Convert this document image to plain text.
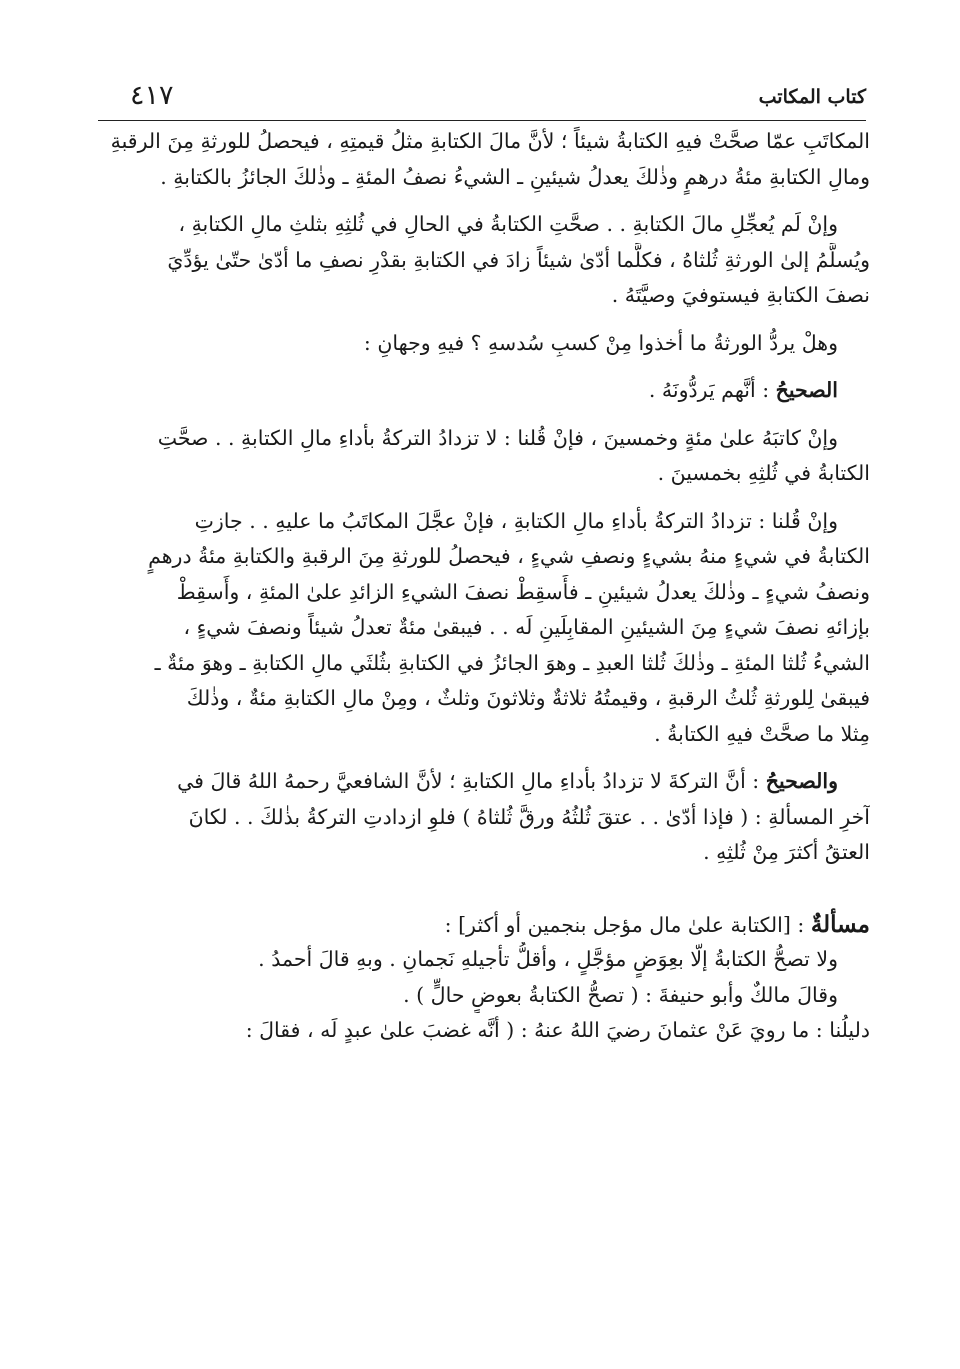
كتاب المكاتب
٤١٧
المكاتَبِ عمّا صحَّتْ فيهِ الكتابةُ شيئاً ؛ لأنَّ مالَ الكتابةِ مثلُ قيمتِهِ ، فيحصلُ للورثةِ مِنَ الرقبةِ
ومالِ الكتابةِ مئةُ درهمٍ وذٰلكَ يعدلُ شيئينِ ـ الشيءُ نصفُ المئةِ ـ وذٰلكَ الجائزُ بالكتابةِ .
وإنْ لَم يُعجِّلِ مالَ الكتابةِ . . صحَّتِ الكتابةُ في الحالِ في ثُلثِهِ بثلثِ مالِ الكتابةِ ،
ويُسلَّمُ إلىٰ الورثةِ ثُلثاهُ ، فكلَّما أدّىٰ شيئاً زادَ في الكتابةِ بقدْرِ نصفِ ما أدّىٰ حتّىٰ يؤدِّيَ
نصفَ الكتابةِ فيستوفيَ وصيَّتَهُ .
وهلْ يردُّ الورثةُ ما أخذوا مِنْ كسبِ سُدسهِ ؟ فيهِ وجهانِ :
الصحيحُ : أنَّهم يَردُّونَهُ .
وإنْ كاتبَهُ علىٰ مئةٍ وخمسينَ ، فإنْ قُلنا : لا تزدادُ التركةُ بأداءِ مالِ الكتابةِ . . صحَّتِ
الكتابةُ في ثُلثِهِ بخمسينَ .
وإنْ قُلنا : تزدادُ التركةُ بأداءِ مالِ الكتابةِ ، فإنْ عجَّلَ المكاتَبُ ما عليهِ . . جازتِ
الكتابةُ في شيءٍ منهُ بشيءٍ ونصفِ شيءٍ ، فيحصلُ للورثةِ مِنَ الرقبةِ والكتابةِ مئةُ درهمٍ
ونصفُ شيءٍ ـ وذٰلكَ يعدلُ شيئينِ ـ فأَسقِطْ نصفَ الشيءِ الزائدِ علىٰ المئةِ ، وأَسقِطْ
بإزائهِ نصفَ شيءٍ مِنَ الشيئينِ المقابِلَينِ لَه . . فيبقىٰ مئةٌ تعدلُ شيئاً ونصفَ شيءٍ ،
الشيءُ ثُلثا المئةِ ـ وذٰلكَ ثُلثا العبدِ ـ وهوَ الجائزُ في الكتابةِ بثُلثَي مالِ الكتابةِ ـ وهوَ مئةٌ ـ
فيبقىٰ لِلورثةِ ثُلثُ الرقبةِ ، وقيمتُهُ ثلاثةٌ وثلاثونَ وثلثٌ ، ومِنْ مالِ الكتابةِ مئةٌ ، وذٰلكَ
مِثلا ما صحَّتْ فيهِ الكتابةُ .
والصحيحُ : أنَّ التركةَ لا تزدادُ بأداءِ مالِ الكتابةِ ؛ لأنَّ الشافعيَّ رحمهُ اللهُ قالَ في
آخرِ المسألةِ : ( فإذا أدّىٰ . . عتقَ ثُلثُهُ ورقَّ ثُلثاهُ ) فلوِ ازدادتِ التركةُ بذٰلكَ . . لكانَ
العتقُ أكثرَ مِنْ ثُلثِهِ .
مسألةٌ : [الكتابة علىٰ مال مؤجل بنجمين أو أكثر] :
ولا تصحُّ الكتابةُ إلّا بعِوَضٍ مؤجَّلٍ ، وأقلُّ تأجيلهِ نَجمانِ . وبهِ قالَ أحمدُ .
وقالَ مالكٌ وأبو حنيفةَ : ( تصحُّ الكتابةُ بعوضٍ حالٍّ ) .
دليلُنا : ما رويَ عَنْ عثمانَ رضيَ اللهُ عنهُ : ( أنَّه غضبَ علىٰ عبدٍ لَه ، فقالَ :
